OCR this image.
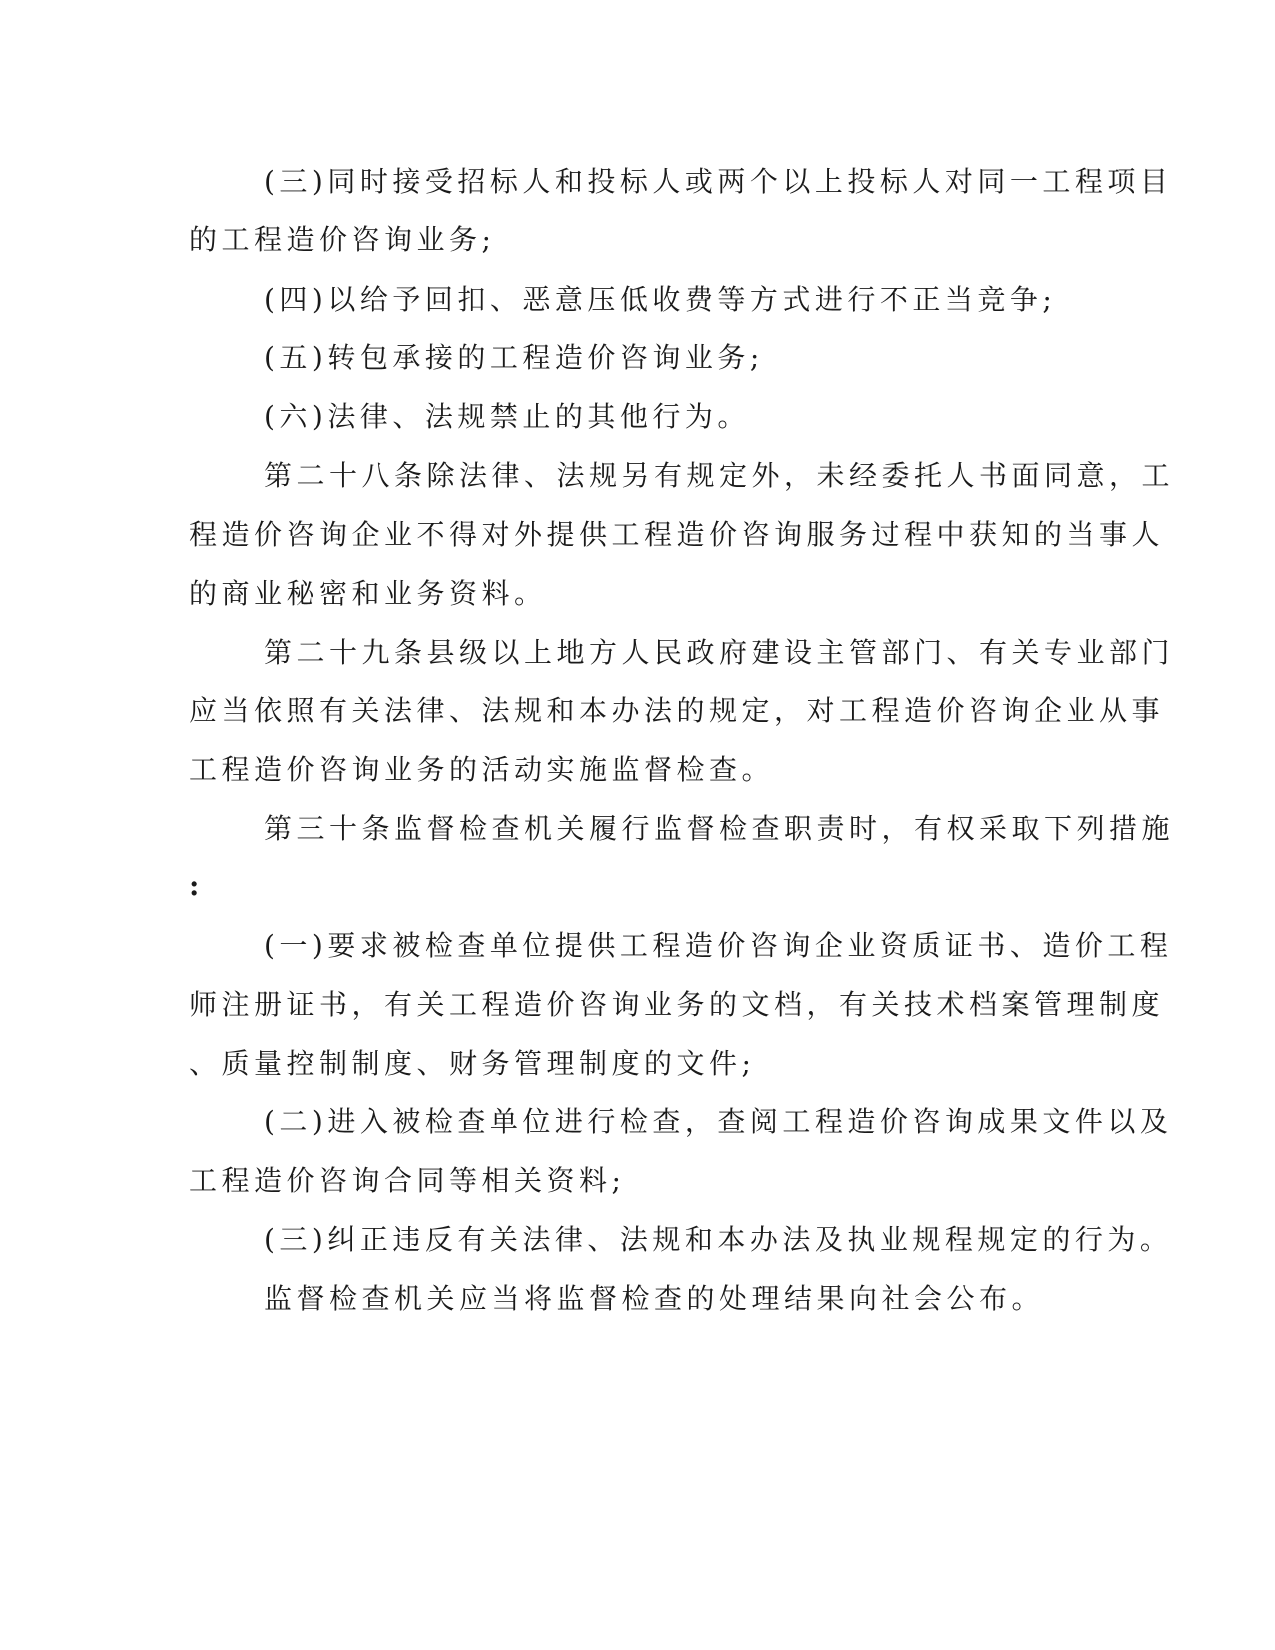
(三)同时接受招标人和投标人或两个以上投标人对同一工程项目
的工程造价咨询业务;
(四)以给予回扣、恶意压低收费等方式进行不正当竞争;
(五)转包承接的工程造价咨询业务;
(六)法律、法规禁止的其他行为。
第二十八条除法律、法规另有规定外，未经委托人书面同意，工
程造价咨询企业不得对外提供工程造价咨询服务过程中获知的当事人
的商业秘密和业务资料。
第二十九条县级以上地方人民政府建设主管部门、有关专业部门
应当依照有关法律、法规和本办法的规定，对工程造价咨询企业从事
工程造价咨询业务的活动实施监督检查。
第三十条监督检查机关履行监督检查职责时，有权采取下列措施
:
(一)要求被检查单位提供工程造价咨询企业资质证书、造价工程
师注册证书，有关工程造价咨询业务的文档，有关技术档案管理制度
、质量控制制度、财务管理制度的文件;
(二)进入被检查单位进行检查，查阅工程造价咨询成果文件以及
工程造价咨询合同等相关资料;
(三)纠正违反有关法律、法规和本办法及执业规程规定的行为。
监督检查机关应当将监督检查的处理结果向社会公布。
